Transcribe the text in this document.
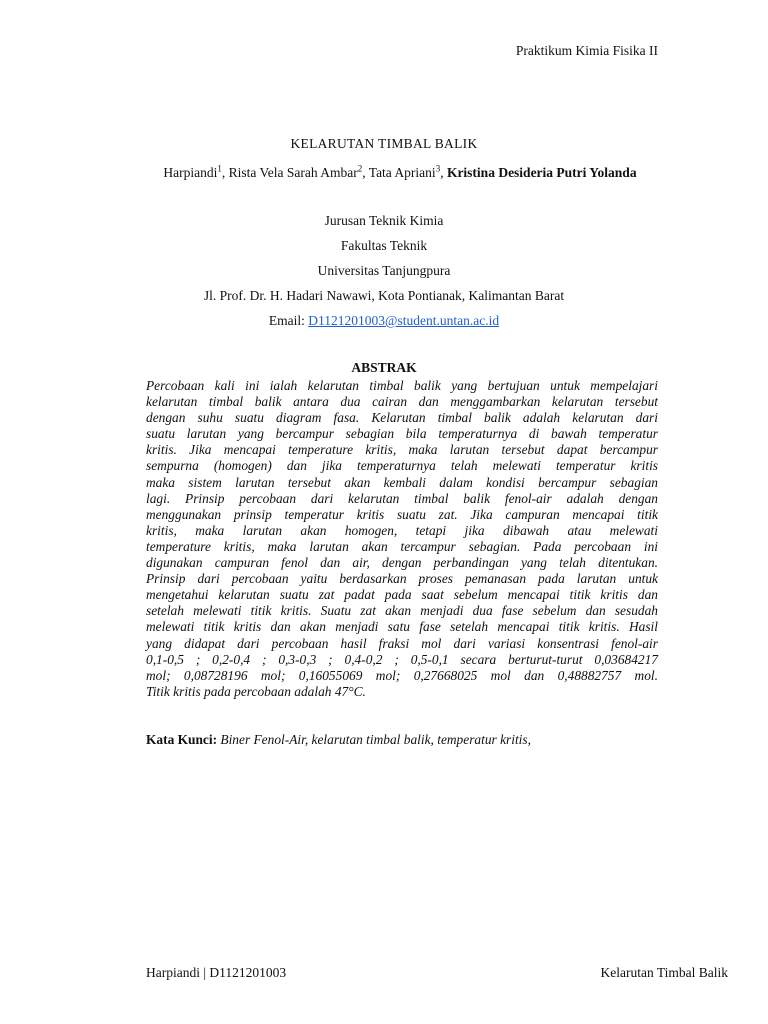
Praktikum Kimia Fisika II
KELARUTAN TIMBAL BALIK
Harpiandi$^1$, Rista Vela Sarah Ambar$^2$, Tata Apriani$^3$, Kristina Desideria Putri Yolanda
Jurusan Teknik Kimia
Fakultas Teknik
Universitas Tanjungpura
Jl. Prof. Dr. H. Hadari Nawawi, Kota Pontianak, Kalimantan Barat
Email: D1121201003@student.untan.ac.id
ABSTRAK
Percobaan kali ini ialah kelarutan timbal balik yang bertujuan untuk mempelajari
kelarutan timbal balik antara dua cairan dan menggambarkan kelarutan tersebut
dengan suhu suatu diagram fasa. Kelarutan timbal balik adalah kelarutan dari
suatu larutan yang bercampur sebagian bila temperaturnya di bawah temperatur
kritis. Jika mencapai temperature kritis, maka larutan tersebut dapat bercampur
sempurna (homogen) dan jika temperaturnya telah melewati temperatur kritis
maka sistem larutan tersebut akan kembali dalam kondisi bercampur sebagian
lagi. Prinsip percobaan dari kelarutan timbal balik fenol-air adalah dengan
menggunakan prinsip temperatur kritis suatu zat. Jika campuran mencapai titik
kritis, maka larutan akan homogen, tetapi jika dibawah atau melewati
temperature kritis, maka larutan akan tercampur sebagian. Pada percobaan ini
digunakan campuran fenol dan air, dengan perbandingan yang telah ditentukan.
Prinsip dari percobaan yaitu berdasarkan proses pemanasan pada larutan untuk
mengetahui kelarutan suatu zat padat pada saat sebelum mencapai titik kritis dan
setelah melewati titik kritis. Suatu zat akan menjadi dua fase sebelum dan sesudah
melewati titik kritis dan akan menjadi satu fase setelah mencapai titik kritis. Hasil
yang didapat dari percobaan hasil fraksi mol dari variasi konsentrasi fenol-air
0,1-0,5 ; 0,2-0,4 ; 0,3-0,3 ; 0,4-0,2 ; 0,5-0,1 secara berturut-turut 0,03684217
mol; 0,08728196 mol; 0,16055069 mol; 0,27668025 mol dan 0,48882757 mol.
Titik kritis pada percobaan adalah 47°C.
Kata Kunci: Biner Fenol-Air, kelarutan timbal balik, temperatur kritis,
Harpiandi | D1121201003	Kelarutan Timbal Balik
